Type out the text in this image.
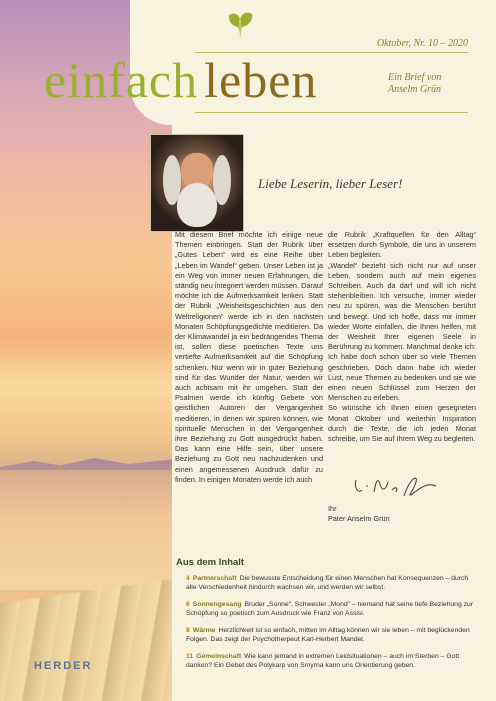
Oktober, Nr. 10 – 2020
einfach leben	Ein Brief von Anselm Grün
Liebe Leserin, lieber Leser!

Mit diesem Brief möchte ich einige neue Themen einbringen. Statt der Rubrik über „Gutes Leben“ wird es eine Reihe über „Leben im Wandel“ geben. Unser Leben ist ja ein Weg von immer neuen Erfahrungen, die ständig neu integriert werden müssen. Darauf möchte ich die Aufmerksamkeit lenken. Statt der Rubrik „Weisheitsgeschichten aus den Weltreligionen“ werde ich in den nächsten Monaten Schöpfungsgedichte meditieren. Da der Klimawandel ja ein bedrängendes Thema ist, sollen diese poetischen Texte uns vertiefte Aufmerksamkeit auf die Schöpfung schenken. Nur wenn wir in guter Beziehung sind für das Wunder der Natur, werden wir auch achtsam mit ihr umgehen. Statt der Psalmen werde ich künftig Gebete von geistlichen Autoren der Vergangenheit meditieren, in denen wir spüren können, wie spirituelle Menschen in der Vergangenheit ihre Beziehung zu Gott ausgedrückt haben. Das kann eine Hilfe sein, über unsere Beziehung zu Gott neu nachzudenken und einen angemessenen Ausdruck dafür zu finden. In einigen Monaten werde ich auch

die Rubrik „Kraftquellen für den Alltag“ ersetzen durch Symbole, die uns in unserem Leben begleiten.

„Wandel“ bezieht sich nicht nur auf unser Leben, sondern auch auf mein eigenes Schreiben. Auch da darf und will ich nicht stehenbleiben. Ich versuche, immer wieder neu zu spüren, was die Menschen berührt und bewegt. Und ich hoffe, dass mir immer wieder Worte einfallen, die Ihnen helfen, mit der Weisheit Ihrer eigenen Seele in Berührung zu kommen. Manchmal denke ich: Ich habe doch schon über so viele Themen geschrieben. Doch dann habe ich wieder Lust, neue Themen zu bedenken und sie wie einen neuen Schlüssel zum Herzen der Menschen zu erleben.

So wünsche ich Ihnen einen gesegneten Monat Oktober und weiterhin Inspiration durch die Texte, die ich jeden Monat schreibe, um Sie auf Ihrem Weg zu begleiten.

Ihr
Pater Anselm Grün
Aus dem Inhalt
4 Partnerschaft Die bewusste Entscheidung für einen Menschen hat Konsequenzen – durch alle Verschiedenheit hindurch wachsen wir, und werden wir selbst.
6 Sonnengesang Bruder „Sonne“, Schwester „Mond“ – niemand hat seine tiefe Beziehung zur Schöpfung so poetisch zum Ausdruck wie Franz von Assisi.
8 Wärme Herzlichkeit ist so einfach, mitten im Alltag können wir sie leben – mit beglückenden Folgen. Das zeigt der Psychotherpeut Karl-Herbert Mandel.
11 Gemeinschaft Wie kann jemand in extremen Leidsituationen – auch im Sterben – Gott danken? Ein Gebet des Polykarp von Smyrna kann uns Orientierung geben.
HERDER
